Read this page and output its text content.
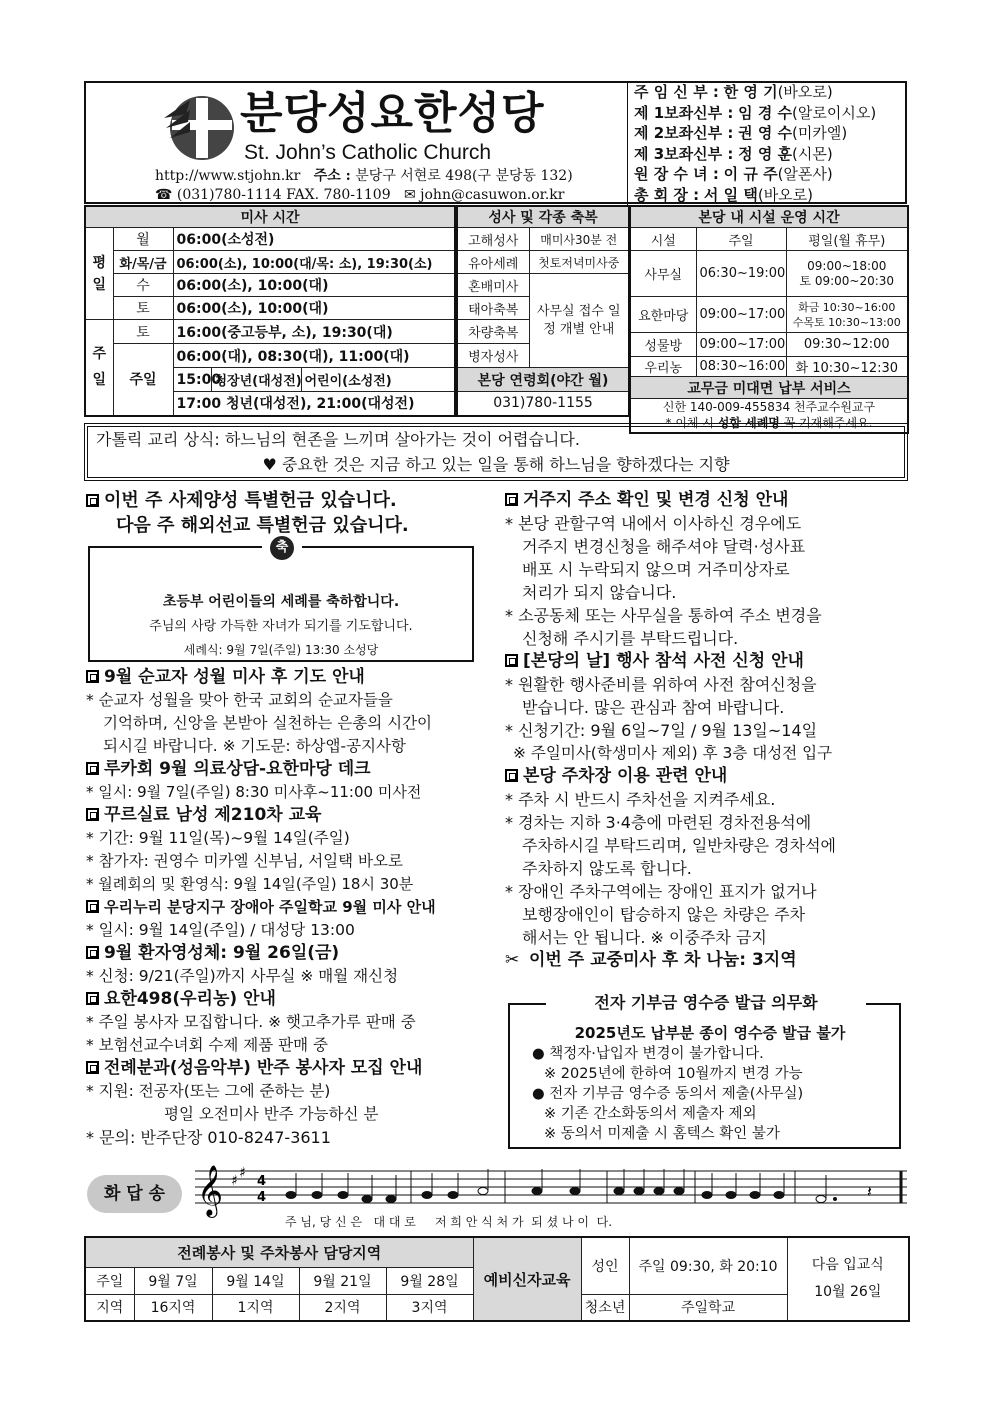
분당성요한성당
St. John’s Catholic Church
http://www.stjohn.kr 주소 : 분당구 서현로 498(구 분당동 132)
☎ (031)780-1114 FAX. 780-1109 ✉ john@casuwon.or.kr
주 임 신 부 : 한 영 기(바오로)
제 1보좌신부 : 임 경 수(알로이시오)
제 2보좌신부 : 권 영 수(미카엘)
제 3보좌신부 : 정 영 훈(시몬)
원 장 수 녀 : 이 규 주(알폰사)
총 회 장 : 서 일 택(바오로)
미사 시간				
평일	월	06:00(소성전)		
	화/목/금	06:00(소), 10:00(대/목: 소), 19:30(소)		
	수	06:00(소), 10:00(대)		
	토	06:00(소), 10:00(대)		
주일	토	16:00(중고등부, 소), 19:30(대)		
	주일	06:00(대), 08:30(대), 11:00(대)		
		15:00	청장년(대성전)	어린이(소성전)
		17:00 청년(대성전), 21:00(대성전)		
성사 및 각종 축복	
고해성사	매미사30분 전
유아세례	첫토저녁미사중
혼배미사	사무실 접수 일정 개별 안내
태아축복	
차량축복	
병자성사	
본당 연령회(야간 월)	
031)780-1155	
본당 내 시설 운영 시간		
시설	주일	평일(월 휴무)
사무실	06:30~19:00	09:00~18:00
토 09:00~20:30

요한마당	09:00~17:00	화금 10:30~16:00
수목토 10:30~13:00

성물방	09:00~17:00	09:30~12:00
우리농	08:30~16:00	화 10:30~12:30
교무금 미대면 납부 서비스		

신한 140-009-455834 천주교수원교구
* 이체 시 성함 세례명 꼭 기재해주세요.		
가톨릭 교리 상식: 하느님의 현존을 느끼며 살아가는 것이 어렵습니다.
♥ 중요한 것은 지금 하고 있는 일을 통해 하느님을 향하겠다는 지향
이번 주 사제양성 특별헌금 있습니다.
다음 주 해외선교 특별헌금 있습니다.
축
초등부 어린이들의 세례를 축하합니다.
주님의 사랑 가득한 자녀가 되기를 기도합니다.
세례식: 9월 7일(주일) 13:30 소성당
9월 순교자 성월 미사 후 기도 안내
* 순교자 성월을 맞아 한국 교회의 순교자들을
기억하며, 신앙을 본받아 실천하는 은총의 시간이
되시길 바랍니다. ※ 기도문: 하상앱-공지사항
루카회 9월 의료상담-요한마당 데크
* 일시: 9월 7일(주일) 8:30 미사후~11:00 미사전
꾸르실료 남성 제210차 교육
* 기간: 9월 11일(목)~9월 14일(주일)
* 참가자: 권영수 미카엘 신부님, 서일택 바오로
* 월례회의 및 환영식: 9월 14일(주일) 18시 30분
우리누리 분당지구 장애아 주일학교 9월 미사 안내
* 일시: 9월 14일(주일) / 대성당 13:00
9월 환자영성체: 9월 26일(금)
* 신청: 9/21(주일)까지 사무실 ※ 매월 재신청
요한498(우리농) 안내
* 주일 봉사자 모집합니다. ※ 햇고추가루 판매 중
* 보험선교수녀회 수제 제품 판매 중
전례분과(성음악부) 반주 봉사자 모집 안내
* 지원: 전공자(또는 그에 준하는 분)
평일 오전미사 반주 가능하신 분
* 문의: 반주단장 010-8247-3611
거주지 주소 확인 및 변경 신청 안내
* 본당 관할구역 내에서 이사하신 경우에도
거주지 변경신청을 해주셔야 달력·성사표
배포 시 누락되지 않으며 거주미상자로
처리가 되지 않습니다.
* 소공동체 또는 사무실을 통하여 주소 변경을
신청해 주시기를 부탁드립니다.
[본당의 날] 행사 참석 사전 신청 안내
* 원활한 행사준비를 위하여 사전 참여신청을
받습니다. 많은 관심과 참여 바랍니다.
* 신청기간: 9월 6일~7일 / 9월 13일~14일
※ 주일미사(학생미사 제외) 후 3층 대성전 입구
본당 주차장 이용 관련 안내
* 주차 시 반드시 주차선을 지켜주세요.
* 경차는 지하 3·4층에 마련된 경차전용석에
주차하시길 부탁드리며, 일반차량은 경차석에
주차하지 않도록 합니다.
* 장애인 주차구역에는 장애인 표지가 없거나
보행장애인이 탑승하지 않은 차량은 주차
해서는 안 됩니다. ※ 이중주차 금지
✂ 이번 주 교중미사 후 차 나눔: 3지역
전자 기부금 영수증 발급 의무화
2025년도 납부분 종이 영수증 발급 불가
● 책정자·납입자 변경이 불가합니다.
※ 2025년에 한하여 10월까지 변경 가능
● 전자 기부금 영수증 동의서 제출(사무실)
※ 기존 간소화동의서 제출자 제외
※ 동의서 미제출 시 홈텍스 확인 불가
화 답 송 𝄞 ♯ ♯
4
4	𝄽
주 님, 당 신 은   대 대 로     저 희 안 식 처 가  되 셨 나 이  다.
전례봉사 및 주차봉사 담당지역					예비신자교육	성인	주일 09:30, 화 20:10	다음 입교식
10월 26일

주일	9월 7일	9월 14일	9월 21일	9월 28일				
지역	16지역	1지역	2지역	3지역		청소년	주일학교	
